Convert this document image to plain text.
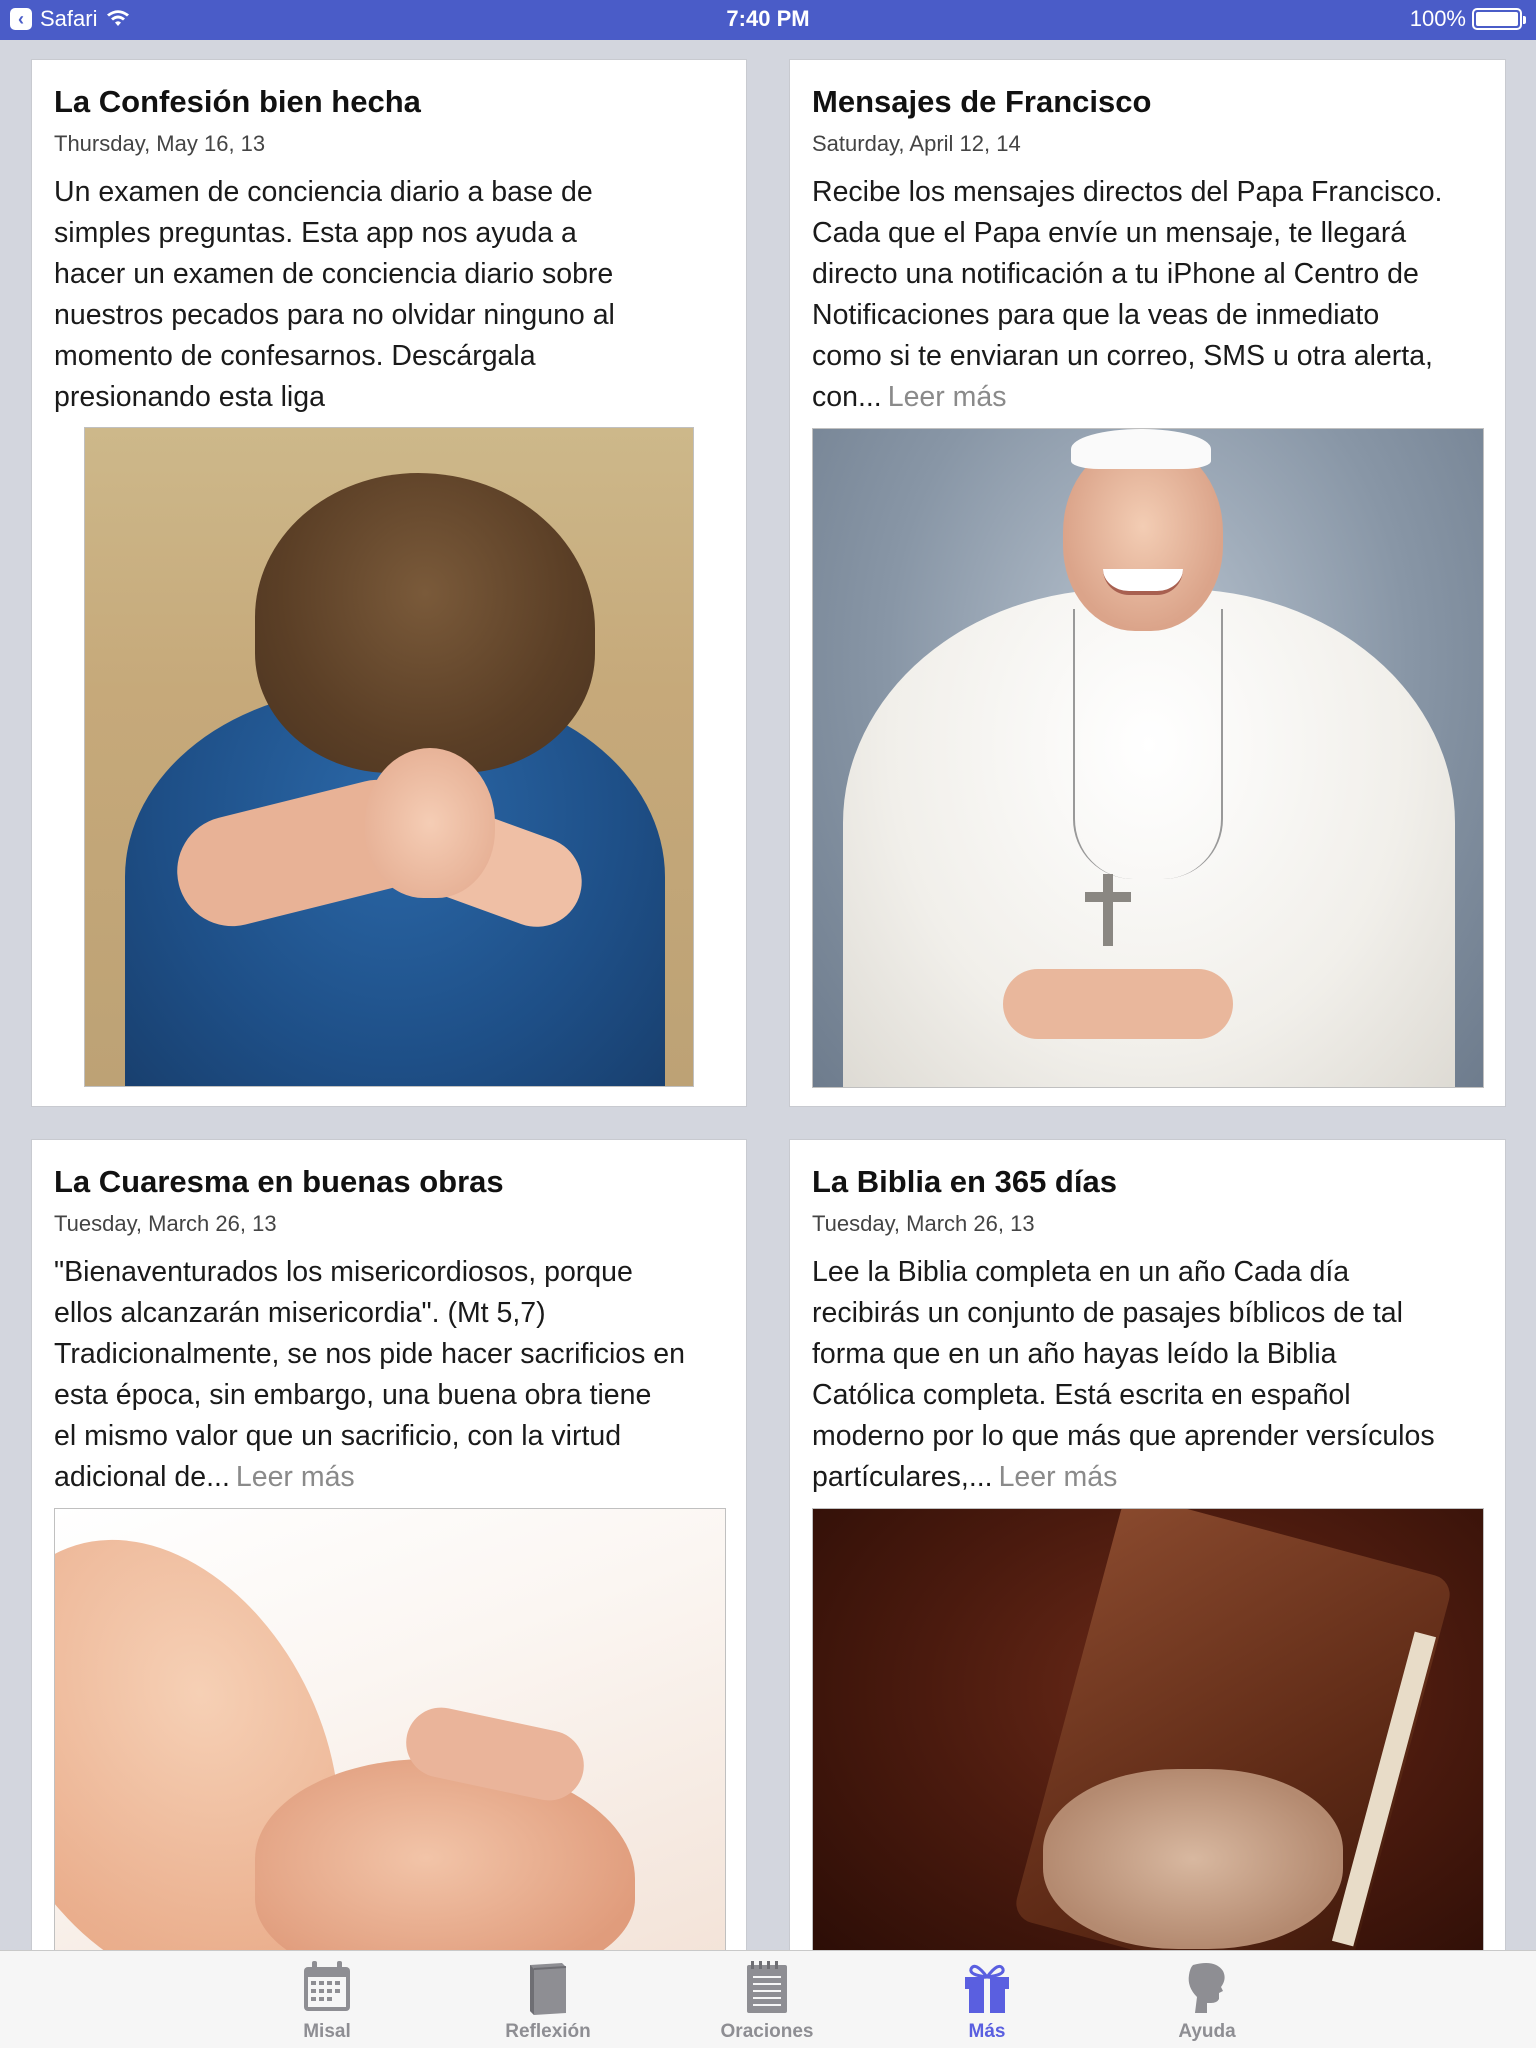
‹ Safari	7:40 PM	100%
La Confesión bien hecha
Thursday, May 16, 13
Un examen de conciencia diario a base de
simples preguntas. Esta app nos ayuda a
hacer un examen de conciencia diario sobre
nuestros pecados para no olvidar ninguno al
momento de confesarnos. Descárgala
presionando esta liga
Mensajes de Francisco
Saturday, April 12, 14
Recibe los mensajes directos del Papa Francisco.
Cada que el Papa envíe un mensaje, te llegará
directo una notificación a tu iPhone al Centro de
Notificaciones para que la veas de inmediato
como si te enviaran un correo, SMS u otra alerta,
con... Leer más
La Cuaresma en buenas obras
Tuesday, March 26, 13
"Bienaventurados los misericordiosos, porque
ellos alcanzarán misericordia". (Mt 5,7)
Tradicionalmente, se nos pide hacer sacrificios en
esta época, sin embargo, una buena obra tiene
el mismo valor que un sacrificio, con la virtud
adicional de... Leer más
La Biblia en 365 días
Tuesday, March 26, 13
Lee la Biblia completa en un año Cada día
recibirás un conjunto de pasajes bíblicos de tal
forma que en un año hayas leído la Biblia
Católica completa. Está escrita en español
moderno por lo que más que aprender versículos
partículares,... Leer más
Misal	Reflexión	Oraciones	Más	Ayuda
